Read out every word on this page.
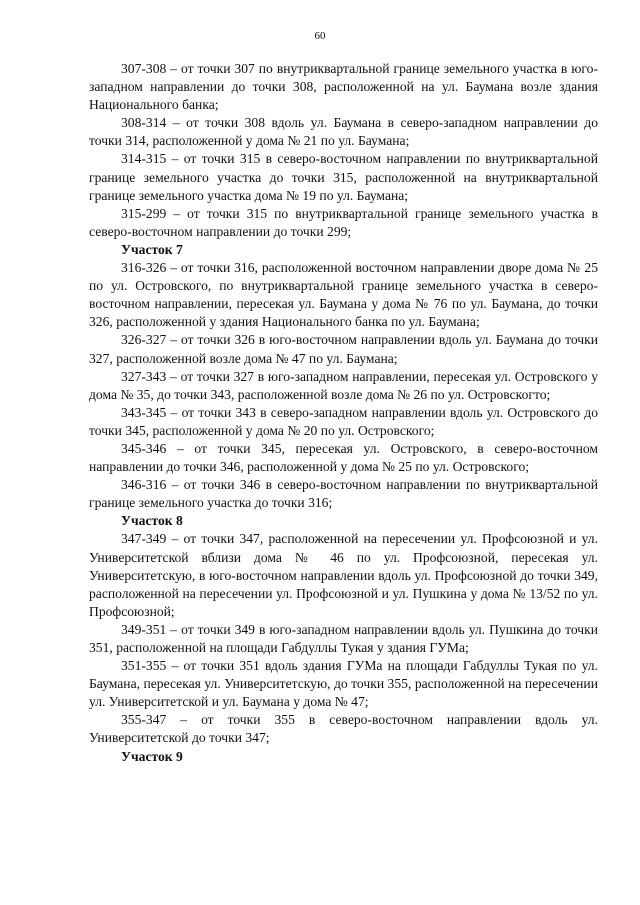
60

307-308 – от точки 307 по внутриквартальной границе земельного участка в юго-западном направлении до точки 308, расположенной на ул. Баумана возле здания Национального банка;

308-314 – от точки 308 вдоль ул. Баумана в северо-западном направлении до точки 314, расположенной у дома № 21 по ул. Баумана;

314-315 – от точки 315 в северо-восточном направлении по внутриквартальной границе земельного участка до точки 315, расположенной на внутриквартальной границе земельного участка дома № 19 по ул. Баумана;

315-299 – от точки 315 по внутриквартальной границе земельного участка в северо-восточном направлении до точки 299;

Участок 7

316-326 – от точки 316, расположенной восточном направлении дворе дома № 25 по ул. Островского, по внутриквартальной границе земельного участка в северо-восточном направлении, пересекая ул. Баумана у дома № 76 по ул. Баумана, до точки 326, расположенной у здания Национального банка по ул. Баумана;

326-327 – от точки 326 в юго-восточном направлении вдоль ул. Баумана до точки 327, расположенной возле дома № 47 по ул. Баумана;

327-343 – от точки 327 в юго-западном направлении, пересекая ул. Островского у дома № 35, до точки 343, расположенной возле дома № 26 по ул. Островскогто;

343-345 – от точки 343 в северо-западном направлении вдоль ул. Островского до точки 345, расположенной у дома № 20 по ул. Островского;

345-346 – от точки 345, пересекая ул. Островского, в северо-восточном направлении до точки 346, расположенной у дома № 25 по ул. Островского;

346-316 – от точки 346 в северо-восточном направлении по внутриквартальной границе земельного участка до точки 316;

Участок 8

347-349 – от точки 347, расположенной на пересечении ул. Профсоюзной и ул. Университетской вблизи дома № 46 по ул. Профсоюзной, пересекая ул. Университетскую, в юго-восточном направлении вдоль ул. Профсоюзной до точки 349, расположенной на пересечении ул. Профсоюзной и ул. Пушкина у дома № 13/52 по ул. Профсоюзной;

349-351 – от точки 349 в юго-западном направлении вдоль ул. Пушкина до точки 351, расположенной на площади Габдуллы Тукая у здания ГУМа;

351-355 – от точки 351 вдоль здания ГУМа на площади Габдуллы Тукая по ул. Баумана, пересекая ул. Университетскую, до точки 355, расположенной на пересечении ул. Университетской и ул. Баумана у дома № 47;

355-347 – от точки 355 в северо-восточном направлении вдоль ул. Университетской до точки 347;

Участок 9
